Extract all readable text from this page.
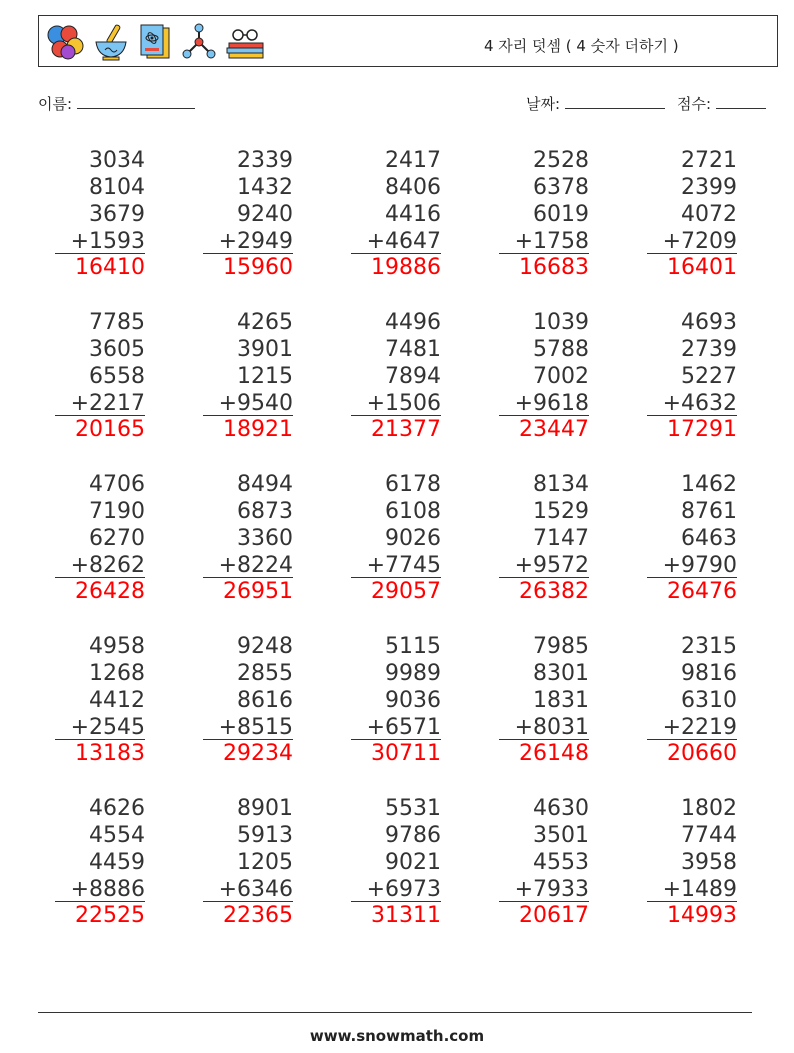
4 자리 덧셈 ( 4 숫자 더하기 )
이름:	날짜:	점수:
3034
8104
3679
+1593
16410
2339
1432
9240
+2949
15960
2417
8406
4416
+4647
19886
2528
6378
6019
+1758
16683
2721
2399
4072
+7209
16401
7785
3605
6558
+2217
20165
4265
3901
1215
+9540
18921
4496
7481
7894
+1506
21377
1039
5788
7002
+9618
23447
4693
2739
5227
+4632
17291
4706
7190
6270
+8262
26428
8494
6873
3360
+8224
26951
6178
6108
9026
+7745
29057
8134
1529
7147
+9572
26382
1462
8761
6463
+9790
26476
4958
1268
4412
+2545
13183
9248
2855
8616
+8515
29234
5115
9989
9036
+6571
30711
7985
8301
1831
+8031
26148
2315
9816
6310
+2219
20660
4626
4554
4459
+8886
22525
8901
5913
1205
+6346
22365
5531
9786
9021
+6973
31311
4630
3501
4553
+7933
20617
1802
7744
3958
+1489
14993
www.snowmath.com
